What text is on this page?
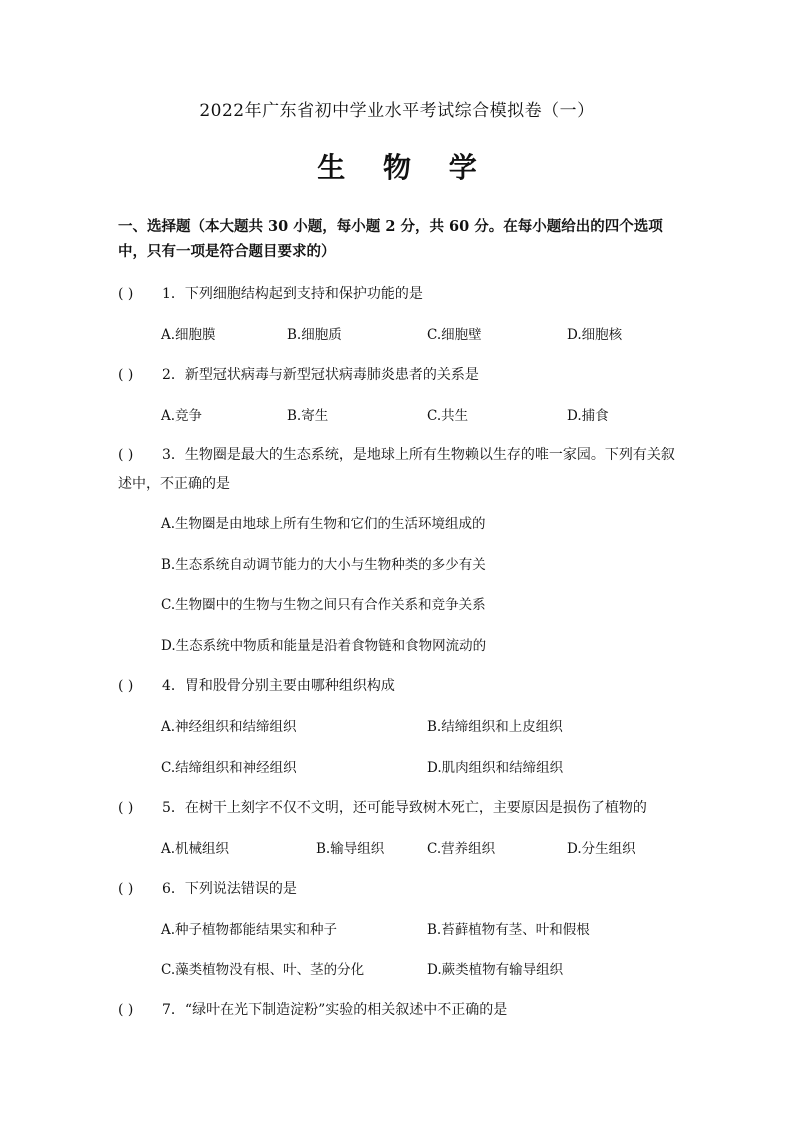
2022年广东省初中学业水平考试综合模拟卷（一）
生 物 学
一、选择题（本大题共 30 小题，每小题 2 分，共 60 分。在每小题给出的四个选项中，只有一项是符合题目要求的）
( ) 1．下列细胞结构起到支持和保护功能的是
A.细胞膜	B.细胞质	C.细胞壁	D.细胞核
( ) 2．新型冠状病毒与新型冠状病毒肺炎患者的关系是
A.竞争	B.寄生	C.共生	D.捕食
( ) 3．生物圈是最大的生态系统，是地球上所有生物赖以生存的唯一家园。下列有关叙述中，不正确的是
A.生物圈是由地球上所有生物和它们的生活环境组成的
B.生态系统自动调节能力的大小与生物种类的多少有关
C.生物圈中的生物与生物之间只有合作关系和竞争关系
D.生态系统中物质和能量是沿着食物链和食物网流动的
( ) 4．胃和股骨分别主要由哪种组织构成
A.神经组织和结缔组织	B.结缔组织和上皮组织
C.结缔组织和神经组织	D.肌肉组织和结缔组织
( ) 5．在树干上刻字不仅不文明，还可能导致树木死亡，主要原因是损伤了植物的
A.机械组织	B.输导组织	C.营养组织	D.分生组织
( ) 6．下列说法错误的是
A.种子植物都能结果实和种子	B.苔藓植物有茎、叶和假根
C.藻类植物没有根、叶、茎的分化	D.蕨类植物有输导组织
( ) 7．“绿叶在光下制造淀粉”实验的相关叙述中不正确的是
